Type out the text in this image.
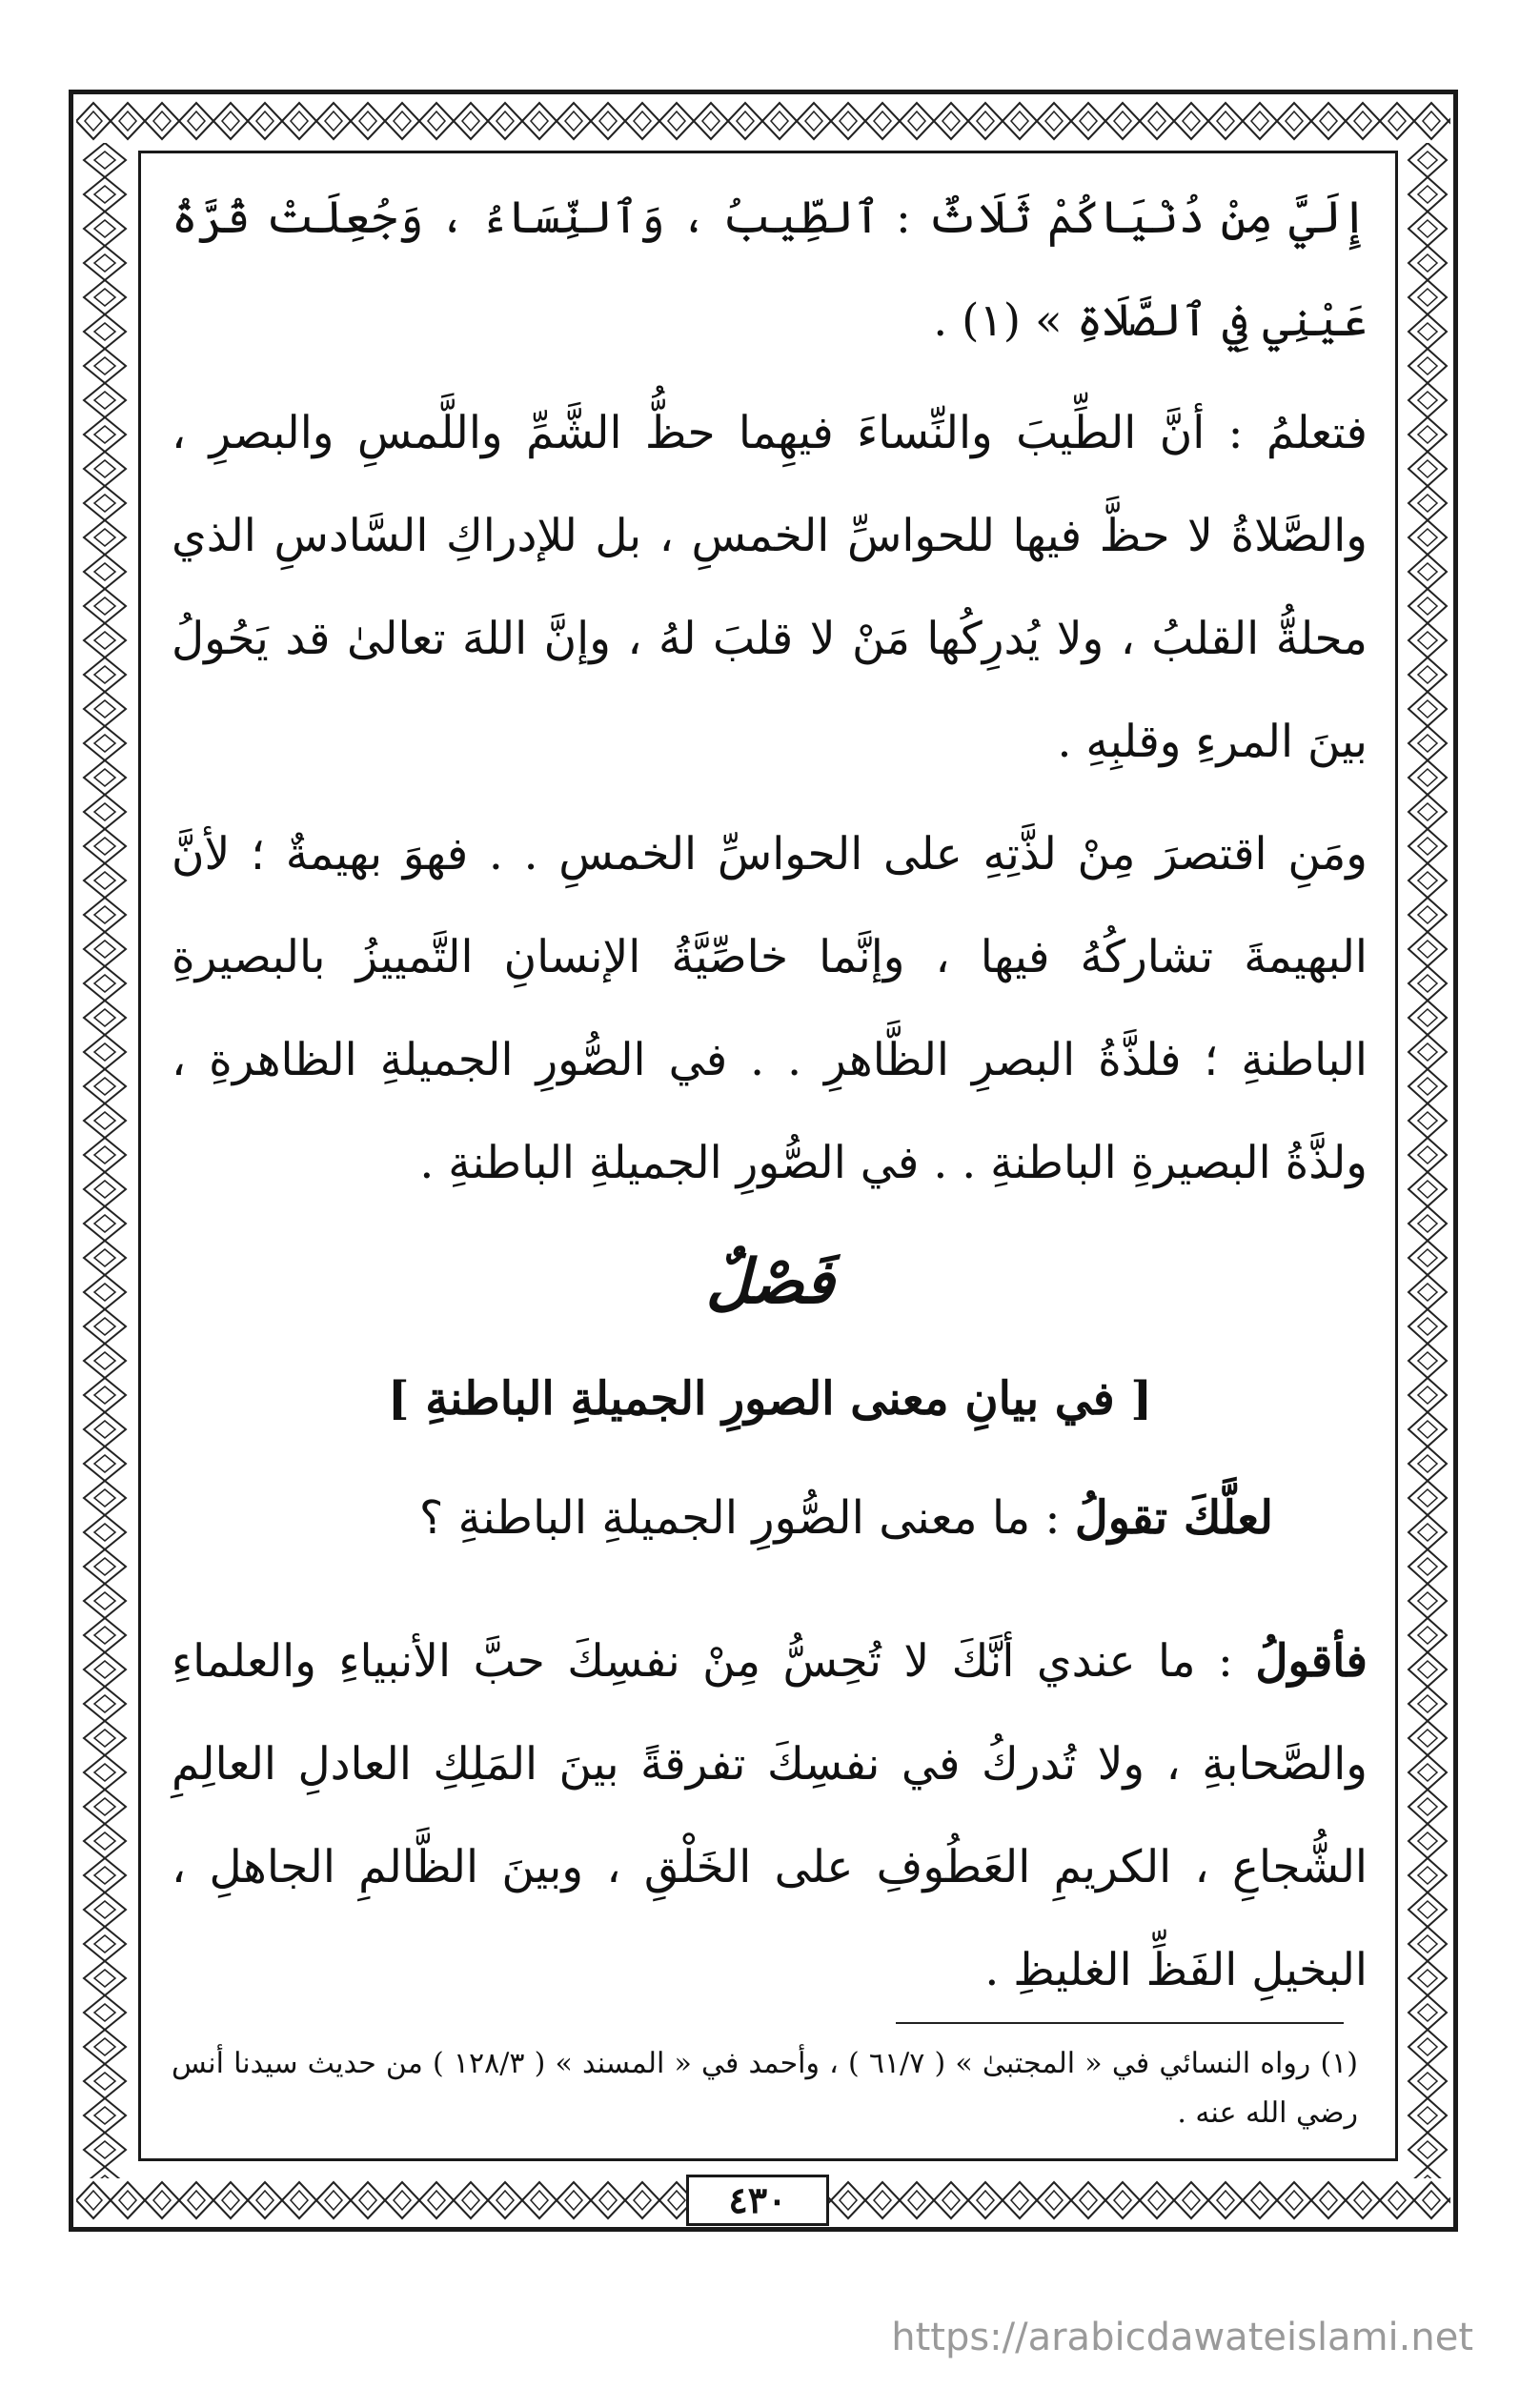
إِلَيَّ مِنْ دُنْيَاكُمْ ثَلَاثٌ : ٱلطِّيبُ ، وَٱلنِّسَاءُ ، وَجُعِلَتْ قُرَّةُ عَيْنِي فِي ٱلصَّلَاةِ » (١) .

فتعلمُ : أنَّ الطِّيبَ والنِّساءَ فيهِما حظُّ الشَّمِّ واللَّمسِ والبصرِ ، والصَّلاةُ لا حظَّ فيها للحواسِّ الخمسِ ، بل للإدراكِ السَّادسِ الذي محلةُّ القلبُ ، ولا يُدرِكُها مَنْ لا قلبَ لهُ ، وإنَّ اللهَ تعالىٰ قد يَحُولُ بينَ المرءِ وقلبِهِ .

ومَنِ اقتصرَ مِنْ لذَّتِهِ على الحواسِّ الخمسِ . . فهوَ بهيمةٌ ؛ لأنَّ البهيمةَ تشاركُهُ فيها ، وإنَّما خاصِّيَّةُ الإنسانِ التَّمييزُ بالبصيرةِ الباطنةِ ؛ فلذَّةُ البصرِ الظَّاهرِ . . في الصُّورِ الجميلةِ الظاهرةِ ، ولذَّةُ البصيرةِ الباطنةِ . . في الصُّورِ الجميلةِ الباطنةِ .

فَصْلٌ
[ في بيانِ معنى الصورِ الجميلةِ الباطنةِ ]
لعلَّكَ تقولُ : ما معنى الصُّورِ الجميلةِ الباطنةِ ؟

فأقولُ : ما عندي أنَّكَ لا تُحِسُّ مِنْ نفسِكَ حبَّ الأنبياءِ والعلماءِ والصَّحابةِ ، ولا تُدركُ في نفسِكَ تفرقةً بينَ المَلِكِ العادلِ العالِمِ الشُّجاعِ ، الكريمِ العَطُوفِ على الخَلْقِ ، وبينَ الظَّالمِ الجاهلِ ، البخيلِ الفَظِّ الغليظِ .

(١) رواه النسائي في « المجتبىٰ » ( ٦١/٧ ) ، وأحمد في « المسند » ( ١٢٨/٣ ) من حديث سيدنا أنس رضي الله عنه .
٤٣٠
https://arabicdawateislami.net
